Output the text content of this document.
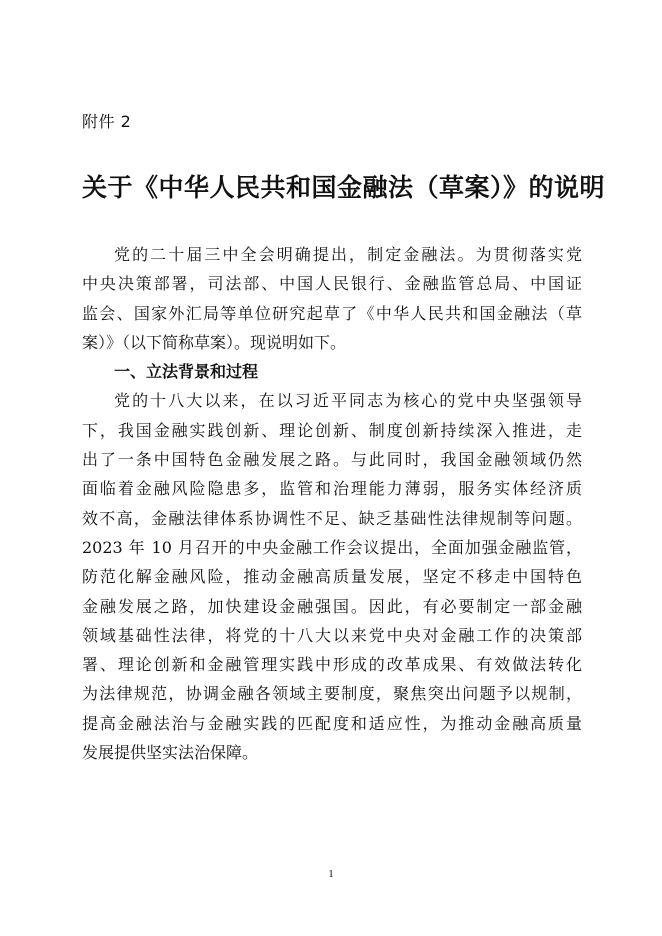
附件 2
关于《中华人民共和国金融法（草案）》的说明
党的二十届三中全会明确提出，制定金融法。为贯彻落实党
中央决策部署，司法部、中国人民银行、金融监管总局、中国证
监会、国家外汇局等单位研究起草了《中华人民共和国金融法（草
案）》（以下简称草案）。现说明如下。
一、立法背景和过程
党的十八大以来，在以习近平同志为核心的党中央坚强领导
下，我国金融实践创新、理论创新、制度创新持续深入推进，走
出了一条中国特色金融发展之路。与此同时，我国金融领域仍然
面临着金融风险隐患多，监管和治理能力薄弱，服务实体经济质
效不高，金融法律体系协调性不足、缺乏基础性法律规制等问题。
2023 年 10 月召开的中央金融工作会议提出，全面加强金融监管，
防范化解金融风险，推动金融高质量发展，坚定不移走中国特色
金融发展之路，加快建设金融强国。因此，有必要制定一部金融
领域基础性法律，将党的十八大以来党中央对金融工作的决策部
署、理论创新和金融管理实践中形成的改革成果、有效做法转化
为法律规范，协调金融各领域主要制度，聚焦突出问题予以规制，
提高金融法治与金融实践的匹配度和适应性，为推动金融高质量
发展提供坚实法治保障。
1
